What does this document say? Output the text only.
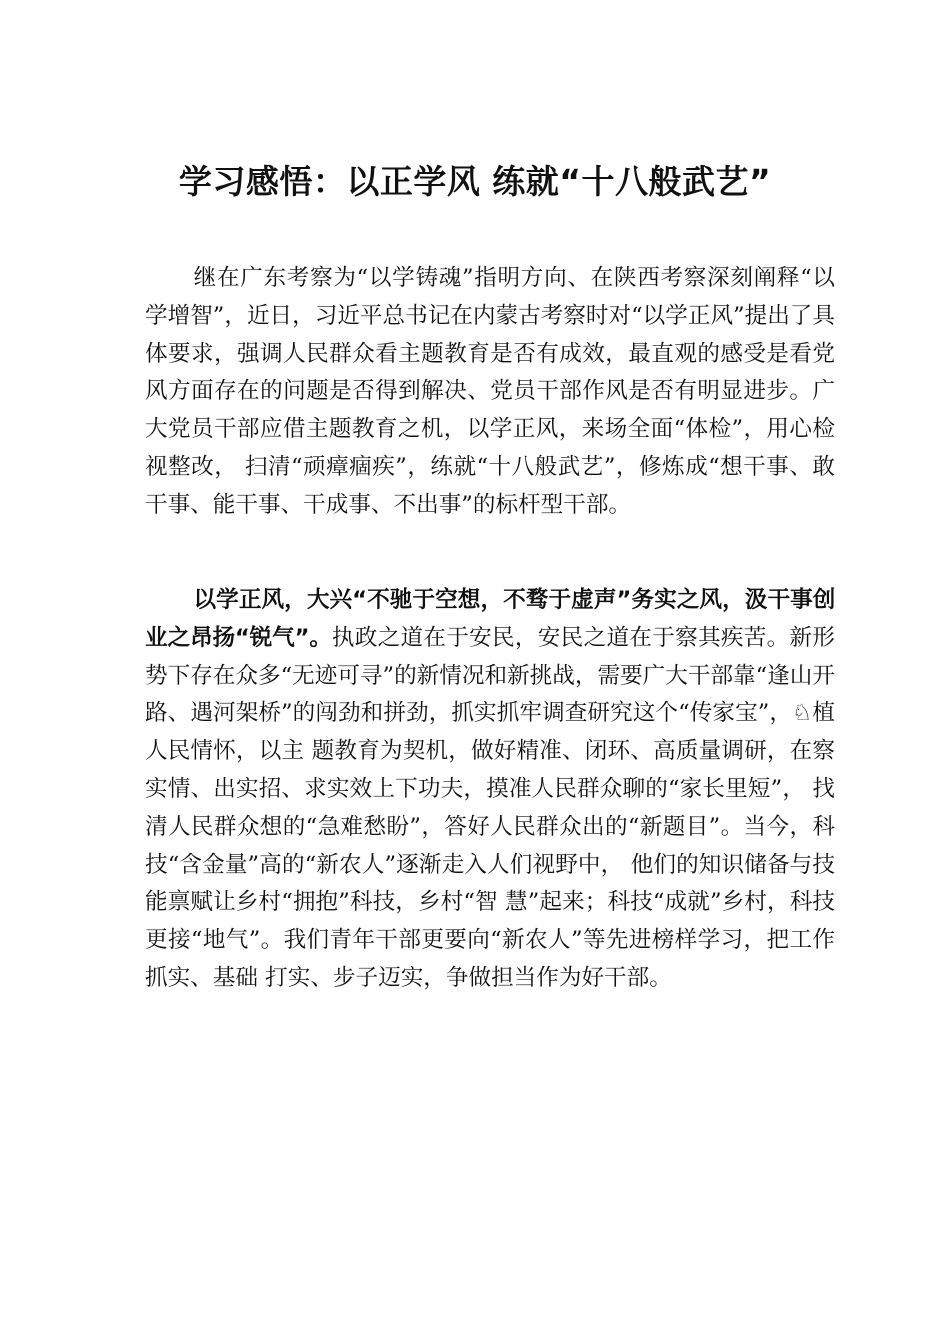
学习感悟：以正学风 练就“十八般武艺”

继在广东考察为“以学铸魂”指明方向、在陕西考察深刻阐释“以学增智”，近日，习近平总书记在内蒙古考察时对“以学正风”提出了具体要求，强调人民群众看主题教育是否有成效，最直观的感受是看党风方面存在的问题是否得到解决、党员干部作风是否有明显进步。广大党员干部应借主题教育之机，以学正风，来场全面“体检”，用心检视整改， 扫清“顽瘴痼疾”，练就“十八般武艺”，修炼成“想干事、敢干事、能干事、干成事、不出事”的标杆型干部。

以学正风，大兴“不驰于空想，不骛于虚声”务实之风，汲干事创业之昂扬“锐气”。执政之道在于安民，安民之道在于察其疾苦。新形势下存在众多“无迹可寻”的新情况和新挑战，需要广大干部靠“逢山开路、遇河架桥”的闯劲和拼劲，抓实抓牢调查研究这个“传家宝”，♘植人民情怀，以主 题教育为契机，做好精准、闭环、高质量调研，在察实情、出实招、求实效上下功夫，摸准人民群众聊的“家长里短”， 找清人民群众想的“急难愁盼”，答好人民群众出的“新题目”。当今，科技“含金量”高的“新农人”逐渐走入人们视野中， 他们的知识储备与技能禀赋让乡村“拥抱”科技，乡村“智 慧”起来；科技“成就”乡村，科技更接“地气”。我们青年干部更要向“新农人”等先进榜样学习，把工作抓实、基础 打实、步子迈实，争做担当作为好干部。
